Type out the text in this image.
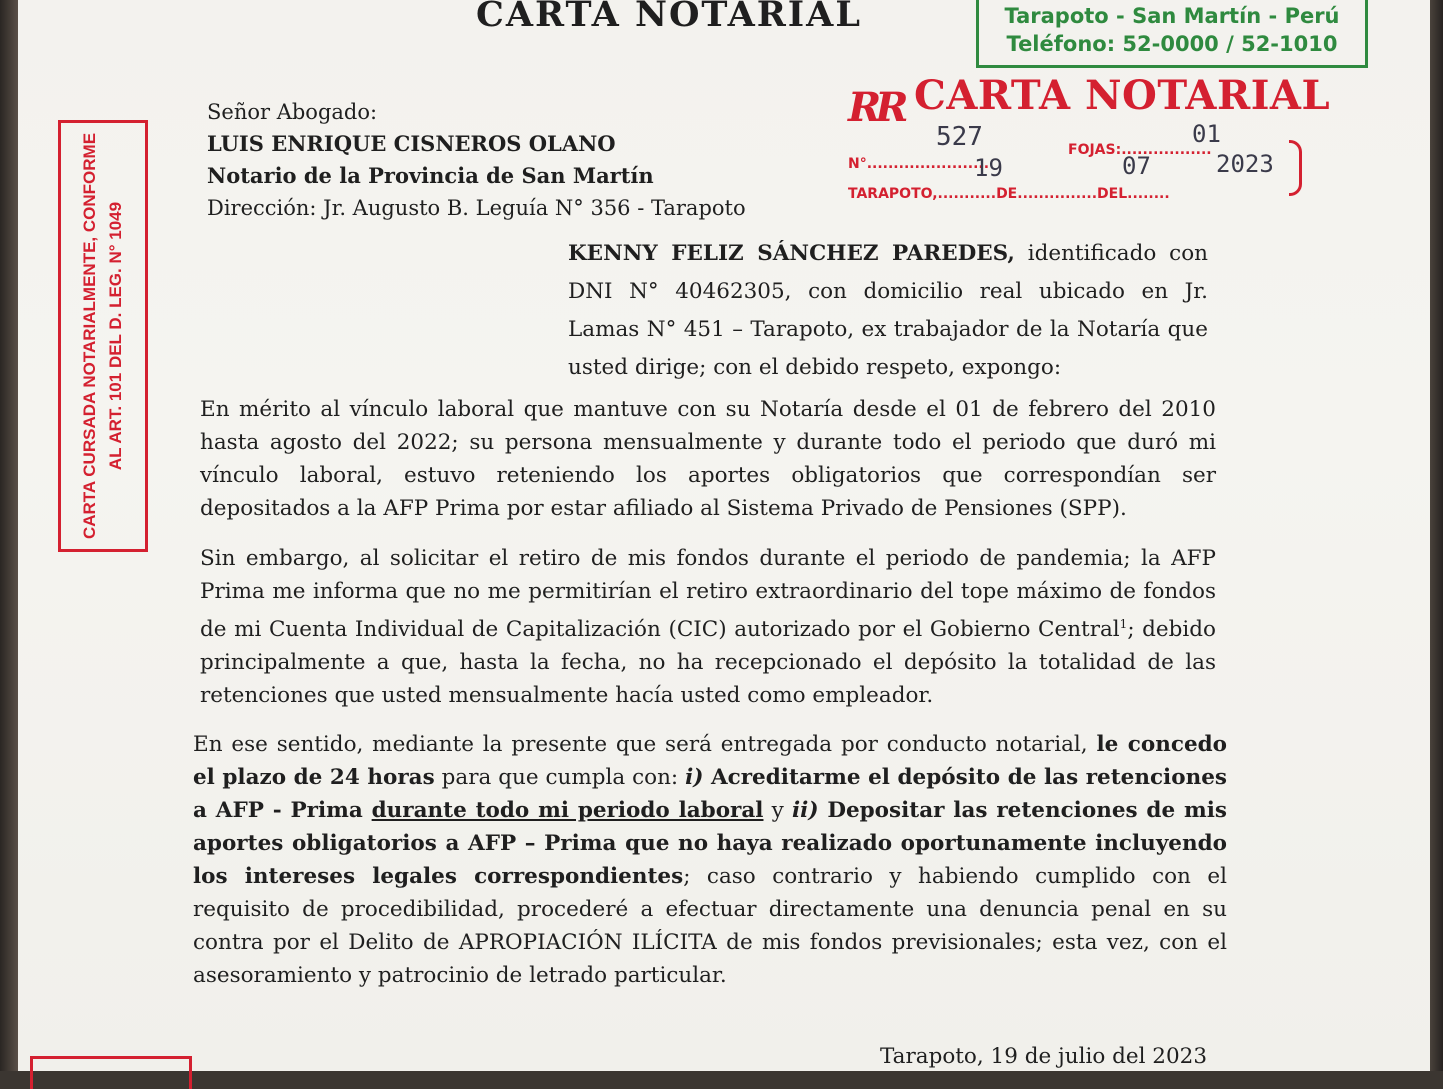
CARTA NOTARIAL	Tarapoto - San Martín - Perú
Teléfono: 52-0000 / 52-1010
RR CARTA NOTARIAL
527	01
N°.......................
FOJAS:.................
19	07	2023
TARAPOTO,...........DE...............DEL........
CARTA CURSADA NOTARIALMENTE, CONFORME AL ART. 101 DEL D. LEG. N° 1049
Señor Abogado:
LUIS ENRIQUE CISNEROS OLANO
Notario de la Provincia de San Martín
Dirección: Jr. Augusto B. Leguía N° 356 - Tarapoto
KENNY FELIZ SÁNCHEZ PAREDES, identificado con DNI N° 40462305, con domicilio real ubicado en Jr. Lamas N° 451 – Tarapoto, ex trabajador de la Notaría que usted dirige; con el debido respeto, expongo:
En mérito al vínculo laboral que mantuve con su Notaría desde el 01 de febrero del 2010 hasta agosto del 2022; su persona mensualmente y durante todo el periodo que duró mi vínculo laboral, estuvo reteniendo los aportes obligatorios que correspondían ser depositados a la AFP Prima por estar afiliado al Sistema Privado de Pensiones (SPP).
Sin embargo, al solicitar el retiro de mis fondos durante el periodo de pandemia; la AFP Prima me informa que no me permitirían el retiro extraordinario del tope máximo de fondos de mi Cuenta Individual de Capitalización (CIC) autorizado por el Gobierno Central$^1$; debido principalmente a que, hasta la fecha, no ha recepcionado el depósito la totalidad de las retenciones que usted mensualmente hacía usted como empleador.
En ese sentido, mediante la presente que será entregada por conducto notarial, le concedo el plazo de 24 horas para que cumpla con: i) Acreditarme el depósito de las retenciones a AFP - Prima durante todo mi periodo laboral y ii) Depositar las retenciones de mis aportes obligatorios a AFP – Prima que no haya realizado oportunamente incluyendo los intereses legales correspondientes; caso contrario y habiendo cumplido con el requisito de procedibilidad, procederé a efectuar directamente una denuncia penal en su contra por el Delito de APROPIACIÓN ILÍCITA de mis fondos previsionales; esta vez, con el asesoramiento y patrocinio de letrado particular.
Tarapoto, 19 de julio del 2023
